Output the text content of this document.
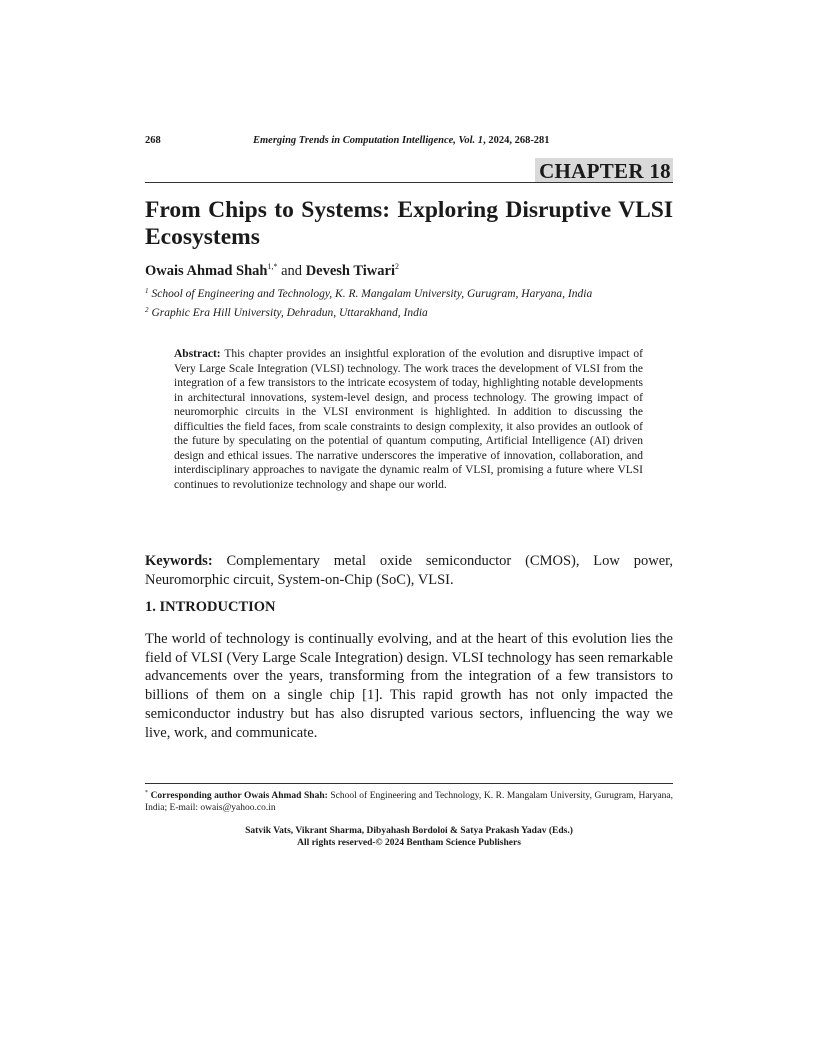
268	Emerging Trends in Computation Intelligence, Vol. 1, 2024, 268-281
CHAPTER 18
From Chips to Systems: Exploring Disruptive VLSI Ecosystems
Owais Ahmad Shah$^{1,*}$ and Devesh Tiwari$^2$
$^1$ School of Engineering and Technology, K. R. Mangalam University, Gurugram, Haryana, India
$^2$ Graphic Era Hill University, Dehradun, Uttarakhand, India

Abstract: This chapter provides an insightful exploration of the evolution and disruptive impact of Very Large Scale Integration (VLSI) technology. The work traces the development of VLSI from the integration of a few transistors to the intricate ecosystem of today, highlighting notable developments in architectural innovations, system-level design, and process technology. The growing impact of neuromorphic circuits in the VLSI environment is highlighted. In addition to discussing the difficulties the field faces, from scale constraints to design complexity, it also provides an outlook of the future by speculating on the potential of quantum computing, Artificial Intelligence (AI) driven design and ethical issues. The narrative underscores the imperative of innovation, collaboration, and interdisciplinary approaches to navigate the dynamic realm of VLSI, promising a future where VLSI continues to revolutionize technology and shape our world.

Keywords: Complementary metal oxide semiconductor (CMOS), Low power, Neuromorphic circuit, System-on-Chip (SoC), VLSI.

1. INTRODUCTION

The world of technology is continually evolving, and at the heart of this evolution lies the field of VLSI (Very Large Scale Integration) design. VLSI technology has seen remarkable advancements over the years, transforming from the integration of a few transistors to billions of them on a single chip [1]. This rapid growth has not only impacted the semiconductor industry but has also disrupted various sectors, influencing the way we live, work, and communicate.

* Corresponding author Owais Ahmad Shah: School of Engineering and Technology, K. R. Mangalam University, Gurugram, Haryana, India; E-mail: owais@yahoo.co.in

Satvik Vats, Vikrant Sharma, Dibyahash Bordoloi & Satya Prakash Yadav (Eds.)
All rights reserved-© 2024 Bentham Science Publishers
